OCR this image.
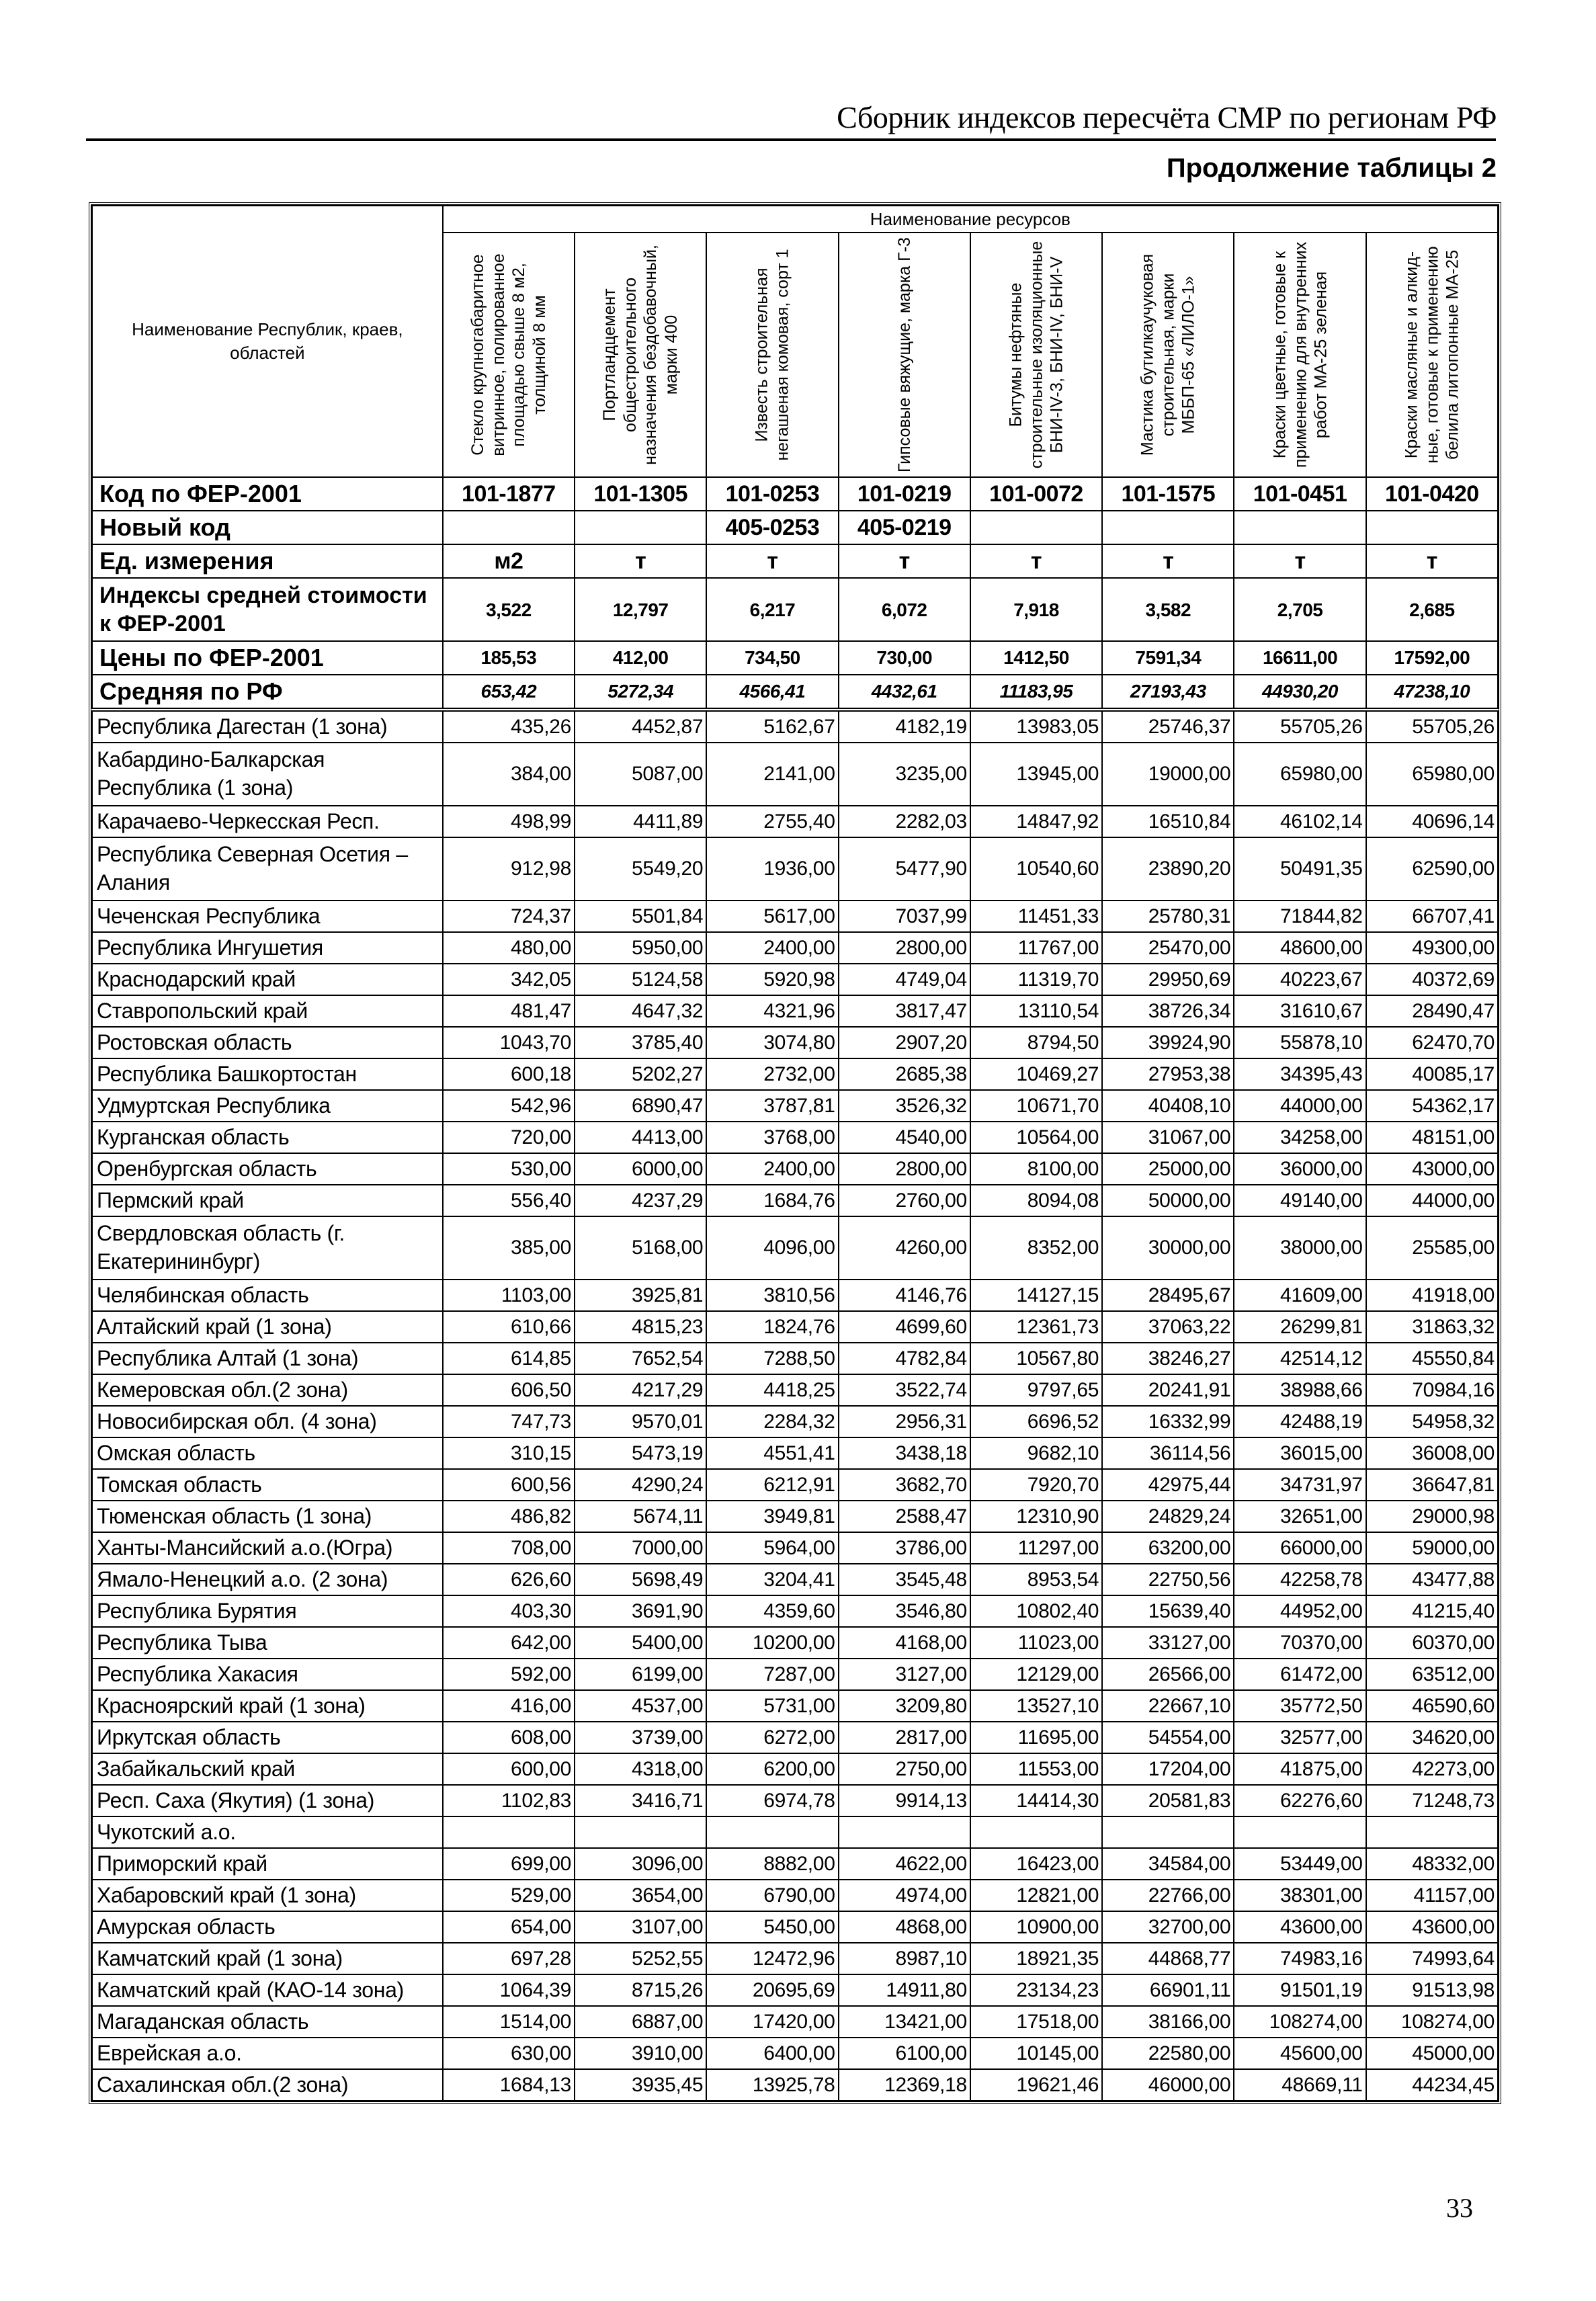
Сборник индексов пересчёта СМР по регионам РФ
Продолжение таблицы 2
Наименование Республик, краев, областей	Наименование ресурсов							

	Стекло крупногабаритное витринное, полированное площадью свыше 8 м2, толщиной 8 мм	Портландцемент общестроительного назначения бездобавочный, марки 400	Известь строительная негашеная комовая, сорт 1	Гипсовые вяжущие, марка Г-3	Битумы нефтяные строительные изоляционные БНИ-IV-3, БНИ-IV, БНИ-V	Мастика бутилкаучуковая строительная, марки МББП-65 «ЛИЛО-1»	Краски цветные, готовые к применению для внутренних работ МА-25 зеленая	Краски масляные и алкид-ные, готовые к применению белила литопонные МА-25

Код по ФЕР-2001	101-1877	101-1305	101-0253	101-0219	101-0072	101-1575	101-0451	101-0420
Новый код			405-0253	405-0219				
Ед. измерения	м2	т	т	т	т	т	т	т
Индексы средней стоимости к ФЕР-2001	3,522	12,797	6,217	6,072	7,918	3,582	2,705	2,685
Цены по ФЕР-2001	185,53	412,00	734,50	730,00	1412,50	7591,34	16611,00	17592,00
Средняя по РФ	653,42	5272,34	4566,41	4432,61	11183,95	27193,43	44930,20	47238,10
Республика Дагестан (1 зона)	435,26	4452,87	5162,67	4182,19	13983,05	25746,37	55705,26	55705,26
Кабардино-Балкарская Республика (1 зона)	384,00	5087,00	2141,00	3235,00	13945,00	19000,00	65980,00	65980,00
Карачаево-Черкесская Респ.	498,99	4411,89	2755,40	2282,03	14847,92	16510,84	46102,14	40696,14
Республика Северная Осетия – Алания	912,98	5549,20	1936,00	5477,90	10540,60	23890,20	50491,35	62590,00
Чеченская Республика	724,37	5501,84	5617,00	7037,99	11451,33	25780,31	71844,82	66707,41
Республика Ингушетия	480,00	5950,00	2400,00	2800,00	11767,00	25470,00	48600,00	49300,00
Краснодарский край	342,05	5124,58	5920,98	4749,04	11319,70	29950,69	40223,67	40372,69
Ставропольский край	481,47	4647,32	4321,96	3817,47	13110,54	38726,34	31610,67	28490,47
Ростовская область	1043,70	3785,40	3074,80	2907,20	8794,50	39924,90	55878,10	62470,70
Республика Башкортостан	600,18	5202,27	2732,00	2685,38	10469,27	27953,38	34395,43	40085,17
Удмуртская Республика	542,96	6890,47	3787,81	3526,32	10671,70	40408,10	44000,00	54362,17
Курганская область	720,00	4413,00	3768,00	4540,00	10564,00	31067,00	34258,00	48151,00
Оренбургская область	530,00	6000,00	2400,00	2800,00	8100,00	25000,00	36000,00	43000,00
Пермский край	556,40	4237,29	1684,76	2760,00	8094,08	50000,00	49140,00	44000,00
Свердловская область (г. Екатерининбург)	385,00	5168,00	4096,00	4260,00	8352,00	30000,00	38000,00	25585,00
Челябинская область	1103,00	3925,81	3810,56	4146,76	14127,15	28495,67	41609,00	41918,00
Алтайский край (1 зона)	610,66	4815,23	1824,76	4699,60	12361,73	37063,22	26299,81	31863,32
Республика Алтай (1 зона)	614,85	7652,54	7288,50	4782,84	10567,80	38246,27	42514,12	45550,84
Кемеровская обл.(2 зона)	606,50	4217,29	4418,25	3522,74	9797,65	20241,91	38988,66	70984,16
Новосибирская обл. (4 зона)	747,73	9570,01	2284,32	2956,31	6696,52	16332,99	42488,19	54958,32
Омская область	310,15	5473,19	4551,41	3438,18	9682,10	36114,56	36015,00	36008,00
Томская область	600,56	4290,24	6212,91	3682,70	7920,70	42975,44	34731,97	36647,81
Тюменская область (1 зона)	486,82	5674,11	3949,81	2588,47	12310,90	24829,24	32651,00	29000,98
Ханты-Мансийский а.о.(Югра)	708,00	7000,00	5964,00	3786,00	11297,00	63200,00	66000,00	59000,00
Ямало-Ненецкий а.о. (2 зона)	626,60	5698,49	3204,41	3545,48	8953,54	22750,56	42258,78	43477,88
Республика Бурятия	403,30	3691,90	4359,60	3546,80	10802,40	15639,40	44952,00	41215,40
Республика Тыва	642,00	5400,00	10200,00	4168,00	11023,00	33127,00	70370,00	60370,00
Республика Хакасия	592,00	6199,00	7287,00	3127,00	12129,00	26566,00	61472,00	63512,00
Красноярский край (1 зона)	416,00	4537,00	5731,00	3209,80	13527,10	22667,10	35772,50	46590,60
Иркутская область	608,00	3739,00	6272,00	2817,00	11695,00	54554,00	32577,00	34620,00
Забайкальский край	600,00	4318,00	6200,00	2750,00	11553,00	17204,00	41875,00	42273,00
Респ. Саха (Якутия) (1 зона)	1102,83	3416,71	6974,78	9914,13	14414,30	20581,83	62276,60	71248,73
Чукотский а.о.								
Приморский край	699,00	3096,00	8882,00	4622,00	16423,00	34584,00	53449,00	48332,00
Хабаровский край (1 зона)	529,00	3654,00	6790,00	4974,00	12821,00	22766,00	38301,00	41157,00
Амурская область	654,00	3107,00	5450,00	4868,00	10900,00	32700,00	43600,00	43600,00
Камчатский край (1 зона)	697,28	5252,55	12472,96	8987,10	18921,35	44868,77	74983,16	74993,64
Камчатский край (КАО-14 зона)	1064,39	8715,26	20695,69	14911,80	23134,23	66901,11	91501,19	91513,98
Магаданская область	1514,00	6887,00	17420,00	13421,00	17518,00	38166,00	108274,00	108274,00
Еврейская а.о.	630,00	3910,00	6400,00	6100,00	10145,00	22580,00	45600,00	45000,00
Сахалинская обл.(2 зона)	1684,13	3935,45	13925,78	12369,18	19621,46	46000,00	48669,11	44234,45
33
